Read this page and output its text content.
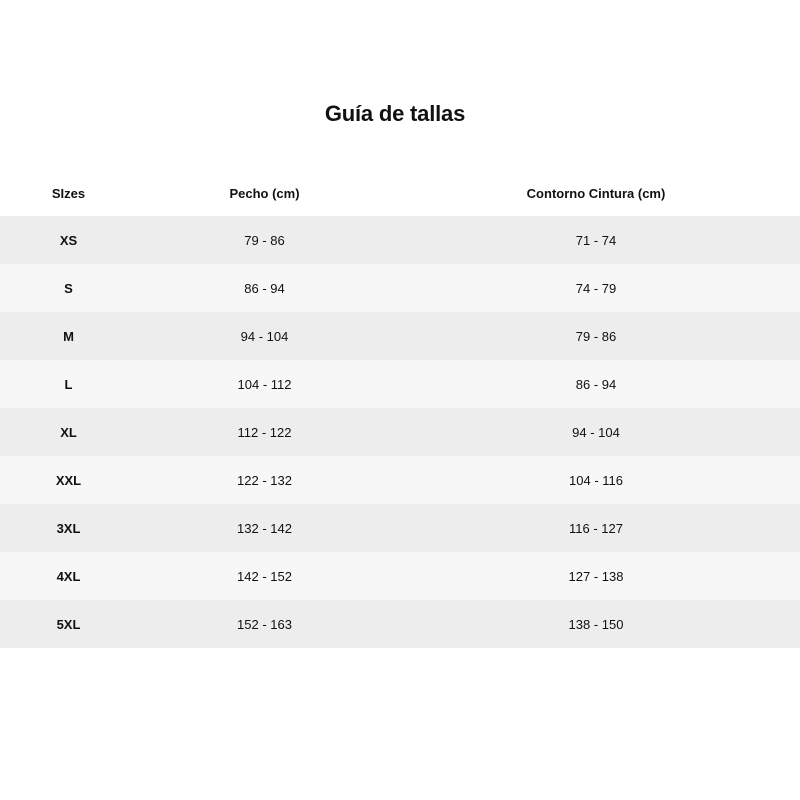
Guía de tallas
SIzes	Pecho (cm)	Contorno Cintura (cm)
XS	79 - 86	71 - 74
S	86 - 94	74 - 79
M	94 - 104	79 - 86
L	104 - 112	86 - 94
XL	112 - 122	94 - 104
XXL	122 - 132	104 - 116
3XL	132 - 142	116 - 127
4XL	142 - 152	127 - 138
5XL	152 - 163	138 - 150
